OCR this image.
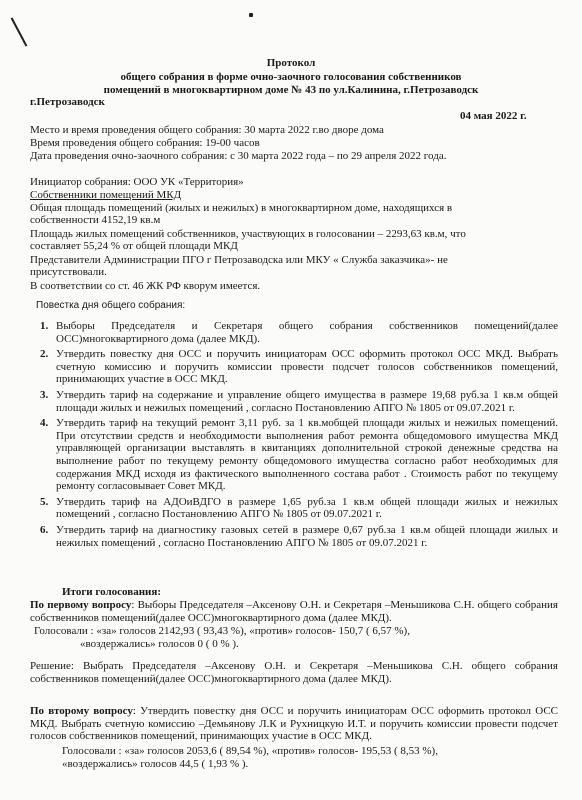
Протокол
общего собрания в форме очно-заочного голосования собственников
помещений в многоквартирном доме № 43 по ул.Калинина, г.Петрозаводск
г.Петрозаводск
04 мая 2022 г.
Место и время проведения общего собрания: 30 марта 2022 г.во дворе дома
Время проведения общего собрания: 19-00 часов
Дата проведения очно-заочного собрания: с 30 марта 2022 года – по 29 апреля 2022 года.
Инициатор собрания: ООО УК «Территория»
Собственники помещений МКД
Общая площадь помещений (жилых и нежилых) в многоквартирном доме, находящихся в
собственности 4152,19 кв.м
Площадь жилых помещений собственников, участвующих в голосовании – 2293,63 кв.м, что
составляет 55,24 % от общей площади МКД
Представители Администрации ПГО г Петрозаводска или МКУ « Служба заказчика»- не
присутствовали.
В соответствии со ст. 46 ЖК РФ кворум имеется.
Повестка дня общего собрания:
1. Выборы Председателя и Секретаря общего собрания собственников помещений(далее ОСС)многоквартирного дома (далее МКД).
2. Утвердить повестку дня ОСС и поручить инициаторам ОСС оформить протокол ОСС МКД. Выбрать счетную комиссию и поручить комиссии провести подсчет голосов собственников помещений, принимающих участие в ОСС МКД.
3. Утвердить тариф на содержание и управление общего имущества в размере 19,68 руб.за 1 кв.м общей площади жилых и нежилых помещений , согласно Постановлению АПГО № 1805 от 09.07.2021 г.
4. Утвердить тариф на текущий ремонт 3,11 руб. за 1 кв.мобщей площади жилых и нежилых помещений. При отсутствии средств и необходимости выполнения работ ремонта общедомового имущества МКД управляющей организации выставлять в квитанциях дополнительной строкой денежные средства на выполнение работ по текущему ремонту общедомового имущества согласно работ необходимых для содержания МКД исходя из фактического выполненного состава работ . Стоимость работ по текущему ремонту согласовывает Совет МКД.
5. Утвердить тариф на АДОиВДГО в размере 1,65 руб.за 1 кв.м общей площади жилых и нежилых помещений , согласно Постановлению АПГО № 1805 от 09.07.2021 г.
6. Утвердить тариф на диагностику газовых сетей в размере 0,67 руб.за 1 кв.м общей площади жилых и нежилых помещений , согласно Постановлению АПГО № 1805 от 09.07.2021 г.
Итоги голосования:
По первому вопросу: Выборы Председателя –Аксенову О.Н. и Секретаря –Меньшикова С.Н. общего собрания собственников помещений(далее ОСС)многоквартирного дома (далее МКД).
Голосовали : «за» голосов 2142,93 ( 93,43 %), «против» голосов- 150,7 ( 6,57 %),
«воздержались» голосов 0 ( 0 % ).
Решение: Выбрать Председателя –Аксенову О.Н. и Секретаря –Меньшикова С.Н. общего собрания собственников помещений(далее ОСС)многоквартирного дома (далее МКД).
По второму вопросу: Утвердить повестку дня ОСС и поручить инициаторам ОСС оформить протокол ОСС МКД. Выбрать счетную комиссию –Демьянову Л.К и Рухницкую И.Т. и поручить комиссии провести подсчет голосов собственников помещений, принимающих участие в ОСС МКД.
Голосовали : «за» голосов 2053,6 ( 89,54 %), «против» голосов- 195,53 ( 8,53 %),
«воздержались» голосов 44,5 ( 1,93 % ).
